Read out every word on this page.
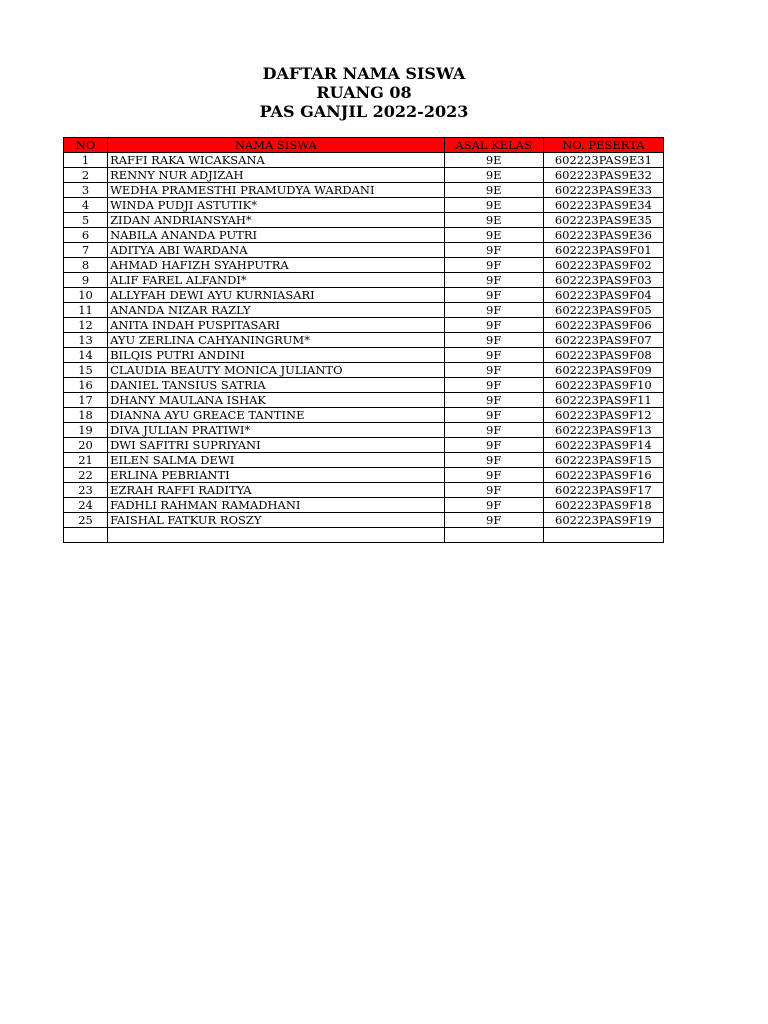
DAFTAR NAMA SISWA
RUANG 08
PAS GANJIL 2022-2023
NO	NAMA SISWA	ASAL KELAS	NO. PESERTA
1	RAFFI RAKA WICAKSANA	9E	602223PAS9E31
2	RENNY NUR ADJIZAH	9E	602223PAS9E32
3	WEDHA PRAMESTHI PRAMUDYA WARDANI	9E	602223PAS9E33
4	WINDA PUDJI ASTUTIK*	9E	602223PAS9E34
5	ZIDAN ANDRIANSYAH*	9E	602223PAS9E35
6	NABILA ANANDA PUTRI	9E	602223PAS9E36
7	ADITYA ABI WARDANA	9F	602223PAS9F01
8	AHMAD HAFIZH SYAHPUTRA	9F	602223PAS9F02
9	ALIF FAREL ALFANDI*	9F	602223PAS9F03
10	ALLYFAH DEWI AYU KURNIASARI	9F	602223PAS9F04
11	ANANDA NIZAR RAZLY	9F	602223PAS9F05
12	ANITA INDAH PUSPITASARI	9F	602223PAS9F06
13	AYU ZERLINA CAHYANINGRUM*	9F	602223PAS9F07
14	BILQIS PUTRI ANDINI	9F	602223PAS9F08
15	CLAUDIA BEAUTY MONICA JULIANTO	9F	602223PAS9F09
16	DANIEL TANSIUS SATRIA	9F	602223PAS9F10
17	DHANY MAULANA ISHAK	9F	602223PAS9F11
18	DIANNA AYU GREACE TANTINE	9F	602223PAS9F12
19	DIVA JULIAN PRATIWI*	9F	602223PAS9F13
20	DWI SAFITRI SUPRIYANI	9F	602223PAS9F14
21	EILEN SALMA DEWI	9F	602223PAS9F15
22	ERLINA PEBRIANTI	9F	602223PAS9F16
23	EZRAH RAFFI RADITYA	9F	602223PAS9F17
24	FADHLI RAHMAN RAMADHANI	9F	602223PAS9F18
25	FAISHAL FATKUR ROSZY	9F	602223PAS9F19
